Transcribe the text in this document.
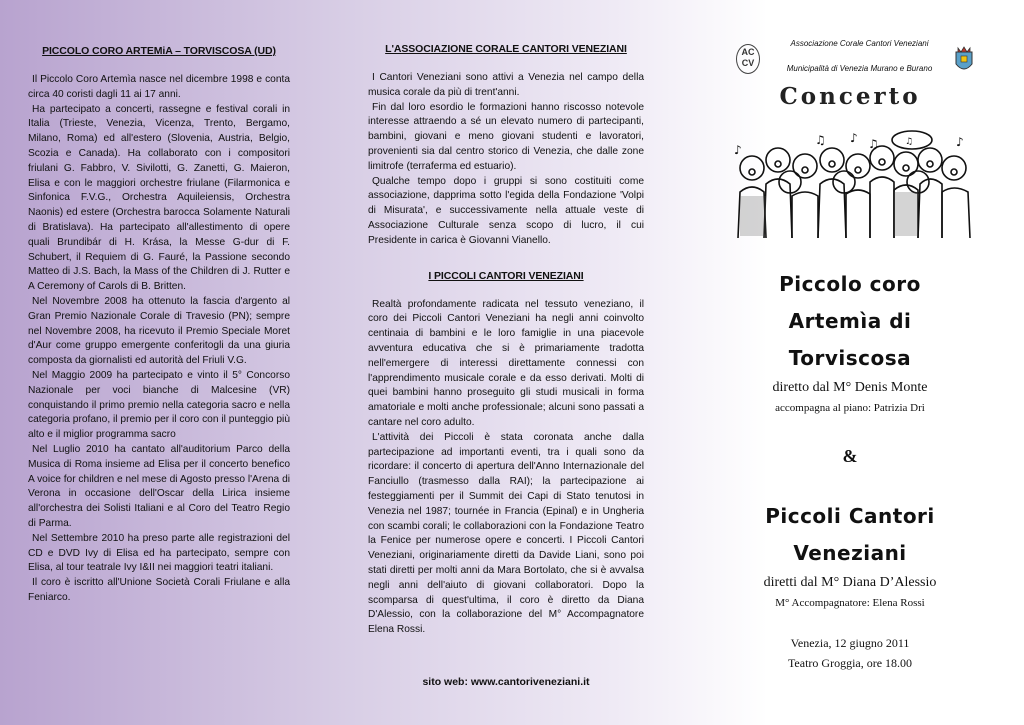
PICCOLO CORO ARTEMiA – TORVISCOSA (UD)

Il Piccolo Coro Artemìa nasce nel dicembre 1998 e conta circa 40 coristi dagli 11 ai 17 anni.

Ha partecipato a concerti, rassegne e festival corali in Italia (Trieste, Venezia, Vicenza, Trento, Bergamo, Milano, Roma) ed all'estero (Slovenia, Austria, Belgio, Scozia e Canada). Ha collaborato con i compositori friulani G. Fabbro, V. Sivilotti, G. Zanetti, G. Maieron, Elisa e con le maggiori orchestre friulane (Filarmonica e Sinfonica F.V.G., Orchestra Aquileiensis, Orchestra Naonis) ed estere (Orchestra barocca Solamente Naturali di Bratislava). Ha partecipato all'allestimento di opere quali Brundibár di H. Krása, la Messe G-dur di F. Schubert, il Requiem di G. Fauré, la Passione secondo Matteo di J.S. Bach, la Mass of the Children di J. Rutter e A Ceremony of Carols di B. Britten.

Nel Novembre 2008 ha ottenuto la fascia d'argento al Gran Premio Nazionale Corale di Travesio (PN); sempre nel Novembre 2008, ha ricevuto il Premio Speciale Moret d'Aur come gruppo emergente conferitogli da una giuria composta da giornalisti ed autorità del Friuli V.G.

Nel Maggio 2009 ha partecipato e vinto il 5° Concorso Nazionale per voci bianche di Malcesine (VR) conquistando il primo premio nella categoria sacro e nella categoria profano, il premio per il coro con il punteggio più alto e il miglior programma sacro

Nel Luglio 2010 ha cantato all'auditorium Parco della Musica di Roma insieme ad Elisa per il concerto benefico A voice for children e nel mese di Agosto presso l'Arena di Verona in occasione dell'Oscar della Lirica insieme all'orchestra dei Solisti Italiani e al Coro del Teatro Regio di Parma.

Nel Settembre 2010 ha preso parte alle registrazioni del CD e DVD Ivy di Elisa ed ha partecipato, sempre con Elisa, al tour teatrale Ivy I&II nei maggiori teatri italiani.

Il coro è iscritto all'Unione Società Corali Friulane e alla Feniarco.

L'ASSOCIAZIONE CORALE CANTORI VENEZIANI

I Cantori Veneziani sono attivi a Venezia nel campo della musica corale da più di trent'anni.

Fin dal loro esordio le formazioni hanno riscosso notevole interesse attraendo a sé un elevato numero di partecipanti, bambini, giovani e meno giovani studenti e lavoratori, provenienti sia dal centro storico di Venezia, che dalle zone limitrofe (terraferma ed estuario).

Qualche tempo dopo i gruppi si sono costituiti come associazione, dapprima sotto l'egida della Fondazione 'Volpi di Misurata', e successivamente nella attuale veste di Associazione Culturale senza scopo di lucro, il cui Presidente in carica è Giovanni Vianello.

I PICCOLI CANTORI VENEZIANI

Realtà profondamente radicata nel tessuto veneziano, il coro dei Piccoli Cantori Veneziani ha negli anni coinvolto centinaia di bambini e le loro famiglie in una piacevole avventura educativa che si è primariamente tradotta nell'emergere di interessi direttamente connessi con l'apprendimento musicale corale e da esso derivati. Molti di quei bambini hanno proseguito gli studi musicali in forma amatoriale e molti anche professionale; alcuni sono passati a cantare nel coro adulto.

L'attività dei Piccoli è stata coronata anche dalla partecipazione ad importanti eventi, tra i quali sono da ricordare: il concerto di apertura dell'Anno Internazionale del Fanciullo (trasmesso dalla RAI); la partecipazione ai festeggiamenti per il Summit dei Capi di Stato tenutosi in Venezia nel 1987; tournée in Francia (Epinal) e in Ungheria con scambi corali; le collaborazioni con la Fondazione Teatro la Fenice per numerose opere e concerti. I Piccoli Cantori Veneziani, originariamente diretti da Davide Liani, sono poi stati diretti per molti anni da Mara Bortolato, che si è avvalsa negli anni dell'aiuto di giovani collaboratori. Dopo la scomparsa di quest'ultima, il coro è diretto da Diana D'Alessio, con la collaborazione del M° Accompagnatore Elena Rossi.

sito web: www.cantoriveneziani.it
AC CV
Associazione Corale Cantori Veneziani
Municipalità di Venezia Murano e Burano
Concerto
♪
♫ ♪ ♫	♪
♫
Piccolo coro
Artemìa di
Torviscosa
diretto dal M° Denis Monte
accompagna al piano: Patrizia Dri
&
Piccoli Cantori
Veneziani
diretti dal M° Diana D’Alessio
M° Accompagnatore: Elena Rossi
Venezia, 12 giugno 2011
Teatro Groggia, ore 18.00
